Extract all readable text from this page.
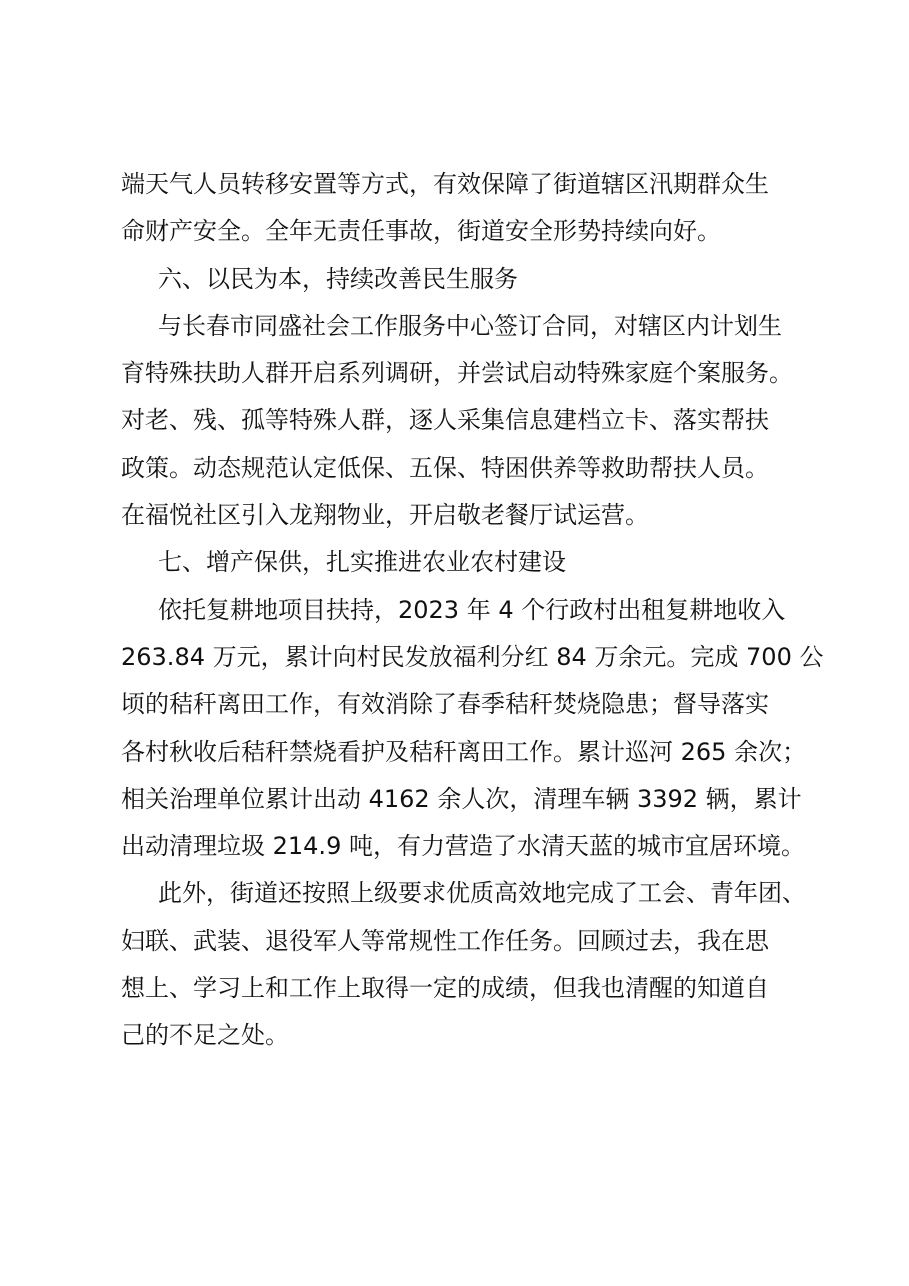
端天气人员转移安置等方式，有效保障了街道辖区汛期群众生
命财产安全。全年无责任事故，街道安全形势持续向好。
六、以民为本，持续改善民生服务
与长春市同盛社会工作服务中心签订合同，对辖区内计划生
育特殊扶助人群开启系列调研，并尝试启动特殊家庭个案服务。
对老、残、孤等特殊人群，逐人采集信息建档立卡、落实帮扶
政策。动态规范认定低保、五保、特困供养等救助帮扶人员。
在福悦社区引入龙翔物业，开启敬老餐厅试运营。
七、增产保供，扎实推进农业农村建设
依托复耕地项目扶持，2023 年 4 个行政村出租复耕地收入
263.84 万元，累计向村民发放福利分红 84 万余元。完成 700 公
顷的秸秆离田工作，有效消除了春季秸秆焚烧隐患；督导落实
各村秋收后秸秆禁烧看护及秸秆离田工作。累计巡河 265 余次；
相关治理单位累计出动 4162 余人次，清理车辆 3392 辆，累计
出动清理垃圾 214.9 吨，有力营造了水清天蓝的城市宜居环境。
此外，街道还按照上级要求优质高效地完成了工会、青年团、
妇联、武装、退役军人等常规性工作任务。回顾过去，我在思
想上、学习上和工作上取得一定的成绩，但我也清醒的知道自
己的不足之处。
